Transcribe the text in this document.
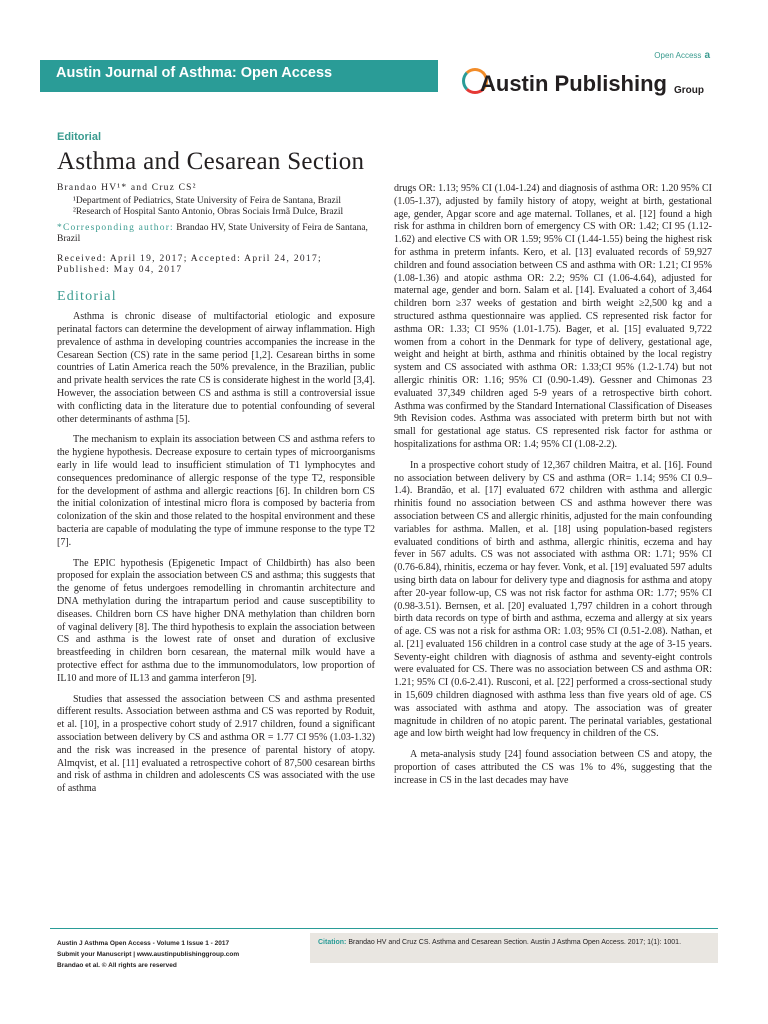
Open Access a
Austin Journal of Asthma: Open Access	Austin Publishing Group
Editorial
Asthma and Cesarean Section
Brandao HV¹* and Cruz CS²

¹Department of Pediatrics, State University of Feira de Santana, Brazil

²Research of Hospital Santo Antonio, Obras Sociais Irmã Dulce, Brazil

*Corresponding author: Brandao HV, State University of Feira de Santana, Brazil
Received: April 19, 2017; Accepted: April 24, 2017;
Published: May 04, 2017
Editorial

Asthma is chronic disease of multifactorial etiologic and exposure perinatal factors can determine the development of airway inflammation. High prevalence of asthma in developing countries accompanies the increase in the Cesarean Section (CS) rate in the same period [1,2]. Cesarean births in some countries of Latin America reach the 50% prevalence, in the Brazilian, public and private health services the rate CS is considerate highest in the world [3,4]. However, the association between CS and asthma is still a controversial issue with conflicting data in the literature due to potential confounding of several other determinants of asthma [5].

The mechanism to explain its association between CS and asthma refers to the hygiene hypothesis. Decrease exposure to certain types of microorganisms early in life would lead to insufficient stimulation of T1 lymphocytes and consequences predominance of allergic response of the type T2, responsible for the development of asthma and allergic reactions [6]. In children born CS the initial colonization of intestinal micro flora is composed by bacteria from colonization of the skin and those related to the hospital environment and these bacteria are capable of modulating the type of immune response to the type T2 [7].

The EPIC hypothesis (Epigenetic Impact of Childbirth) has also been proposed for explain the association between CS and asthma; this suggests that the genome of fetus undergoes remodelling in chromantin architecture and DNA methylation during the intrapartum period and cause susceptibility to diseases. Children born CS have higher DNA methylation than children born of vaginal delivery [8]. The third hypothesis to explain the association between CS and asthma is the lowest rate of onset and duration of exclusive breastfeeding in children born cesarean, the maternal milk would have a protective effect for asthma due to the immunomodulators, low proportion of IL10 and more of IL13 and gamma interferon [9].

Studies that assessed the association between CS and asthma presented different results. Association between asthma and CS was reported by Roduit, et al. [10], in a prospective cohort study of 2.917 children, found a significant association between delivery by CS and asthma OR = 1.77 CI 95% (1.03-1.32) and the risk was increased in the presence of parental history of atopy. Almqvist, et al. [11] evaluated a retrospective cohort of 87,500 cesarean births and risk of asthma in children and adolescents CS was associated with the use of asthma

drugs OR: 1.13; 95% CI (1.04-1.24) and diagnosis of asthma OR: 1.20 95% CI (1.05-1.37), adjusted by family history of atopy, weight at birth, gestational age, gender, Apgar score and age maternal. Tollanes, et al. [12] found a high risk for asthma in children born of emergency CS with OR: 1.42; CI 95 (1.12-1.62) and elective CS with OR 1.59; 95% CI (1.44-1.55) being the highest risk for asthma in preterm infants. Kero, et al. [13] evaluated records of 59,927 children and found association between CS and asthma with OR: 1.21; CI 95% (1.08-1.36) and atopic asthma OR: 2.2; 95% CI (1.06-4.64), adjusted for maternal age, gender and born. Salam et al. [14]. Evaluated a cohort of 3,464 children born ≥37 weeks of gestation and birth weight ≥2,500 kg and a structured asthma questionnaire was applied. CS represented risk factor for asthma OR: 1.33; CI 95% (1.01-1.75). Bager, et al. [15] evaluated 9,722 women from a cohort in the Denmark for type of delivery, gestational age, weight and height at birth, asthma and rhinitis obtained by the local registry system and CS associated with asthma OR: 1.33;CI 95% (1.2-1.74) but not allergic rhinitis OR: 1.16; 95% CI (0.90-1.49). Gessner and Chimonas 23 evaluated 37,349 children aged 5-9 years of a retrospective birth cohort. Asthma was confirmed by the Standard International Classification of Diseases 9th Revision codes. Asthma was associated with preterm birth but not with small for gestational age status. CS represented risk factor for asthma or hospitalizations for asthma OR: 1.4; 95% CI (1.08-2.2).

In a prospective cohort study of 12,367 children Maitra, et al. [16]. Found no association between delivery by CS and asthma (OR= 1.14; 95% CI 0.9–1.4). Brandão, et al. [17] evaluated 672 children with asthma and allergic rhinitis found no association between CS and asthma however there was association between CS and allergic rhinitis, adjusted for the main confounding variables for asthma. Mallen, et al. [18] using population-based registers evaluated conditions of birth and asthma, allergic rhinitis, eczema and hay fever in 567 adults. CS was not associated with asthma OR: 1.71; 95% CI (0.76-6.84), rhinitis, eczema or hay fever. Vonk, et al. [19] evaluated 597 adults using birth data on labour for delivery type and diagnosis for asthma and atopy after 20-year follow-up, CS was not risk factor for asthma OR: 1.77; 95% CI (0.98-3.51). Bernsen, et al. [20] evaluated 1,797 children in a cohort through birth data records on type of birth and asthma, eczema and allergy at six years of age. CS was not a risk for asthma OR: 1.03; 95% CI (0.51-2.08). Nathan, et al. [21] evaluated 156 children in a control case study at the age of 3-15 years. Seventy-eight children with diagnosis of asthma and seventy-eight controls were evaluated for CS. There was no association between CS and asthma OR: 1.21; 95% CI (0.6-2.41). Rusconi, et al. [22] performed a cross-sectional study in 15,609 children diagnosed with asthma less than five years old of age. CS was associated with asthma and atopy. The association was of greater magnitude in children of no atopic parent. The perinatal variables, gestational age and low birth weight had low frequency in children of the CS.

A meta-analysis study [24] found association between CS and atopy, the proportion of cases attributed the CS was 1% to 4%, suggesting that the increase in CS in the last decades may have

Austin J Asthma Open Access - Volume 1 Issue 1 - 2017
Submit your Manuscript | www.austinpublishinggroup.com
Brandao et al. © All rights are reserved
Citation: Brandao HV and Cruz CS. Asthma and Cesarean Section. Austin J Asthma Open Access. 2017; 1(1): 1001.
